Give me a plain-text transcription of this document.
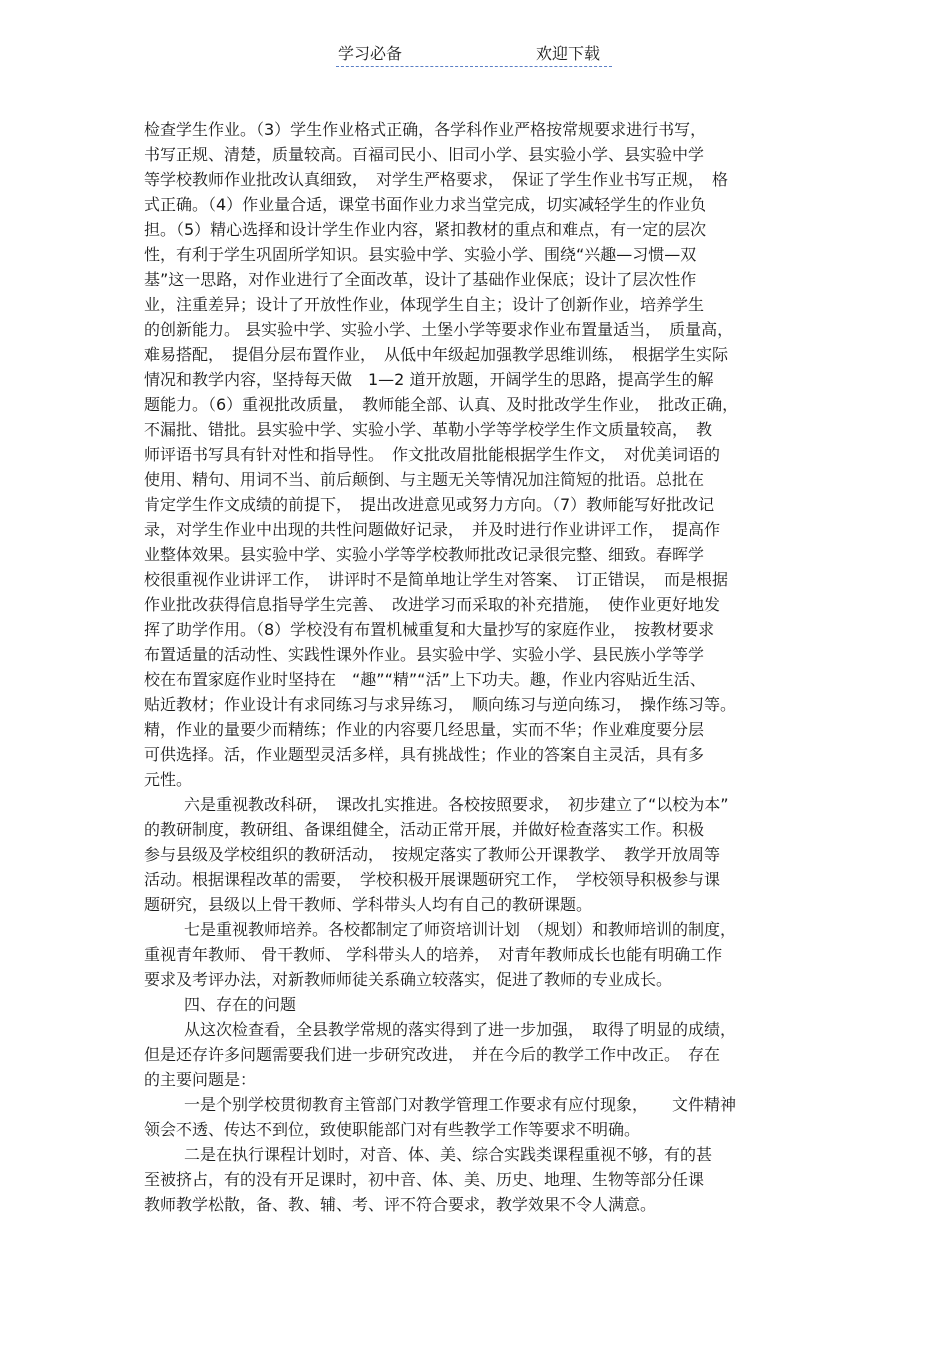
学习必备	欢迎下载
检查学生作业。（3）学生作业格式正确，各学科作业严格按常规要求进行书写，
书写正规、清楚，质量较高。百福司民小、旧司小学、县实验小学、县实验中学
等学校教师作业批改认真细致，　对学生严格要求，　保证了学生作业书写正规，　格
式正确。（4）作业量合适，课堂书面作业力求当堂完成，切实减轻学生的作业负
担。（5）精心选择和设计学生作业内容，紧扣教材的重点和难点，有一定的层次
性，有利于学生巩固所学知识。县实验中学、实验小学、围绕“兴趣—习惯—双
基”这一思路，对作业进行了全面改革，设计了基础作业保底；设计了层次性作
业，注重差异；设计了开放性作业，体现学生自主；设计了创新作业，培养学生
的创新能力。 县实验中学、实验小学、土堡小学等要求作业布置量适当，　质量高，
难易搭配，　提倡分层布置作业，　从低中年级起加强教学思维训练，　根据学生实际
情况和教学内容，坚持每天做　1—2 道开放题，开阔学生的思路，提高学生的解
题能力。（6）重视批改质量，　教师能全部、认真、及时批改学生作业，　批改正确，
不漏批、错批。县实验中学、实验小学、革勒小学等学校学生作文质量较高，　教
师评语书写具有针对性和指导性。　作文批改眉批能根据学生作文，　对优美词语的
使用、精句、用词不当、前后颠倒、与主题无关等情况加注简短的批语。总批在
肯定学生作文成绩的前提下，　提出改进意见或努力方向。（7）教师能写好批改记
录，对学生作业中出现的共性问题做好记录，　并及时进行作业讲评工作，　提高作
业整体效果。县实验中学、实验小学等学校教师批改记录很完整、细致。春晖学
校很重视作业讲评工作，　讲评时不是简单地让学生对答案、　订正错误，　而是根据
作业批改获得信息指导学生完善、　改进学习而采取的补充措施，　使作业更好地发
挥了助学作用。（8）学校没有布置机械重复和大量抄写的家庭作业，　按教材要求
布置适量的活动性、实践性课外作业。县实验中学、实验小学、县民族小学等学
校在布置家庭作业时坚持在　“趣”“精”“活”上下功夫。趣，作业内容贴近生活、
贴近教材；作业设计有求同练习与求异练习，　顺向练习与逆向练习，　操作练习等。
精，作业的量要少而精练；作业的内容要几经思量，实而不华；作业难度要分层
可供选择。活，作业题型灵活多样，具有挑战性；作业的答案自主灵活，具有多
元性。
六是重视教改科研，　课改扎实推进。各校按照要求，　初步建立了“以校为本”
的教研制度，教研组、备课组健全，活动正常开展，并做好检查落实工作。积极
参与县级及学校组织的教研活动，　按规定落实了教师公开课教学、　教学开放周等
活动。根据课程改革的需要，　学校积极开展课题研究工作，　学校领导积极参与课
题研究，县级以上骨干教师、学科带头人均有自己的教研课题。
七是重视教师培养。各校都制定了师资培训计划　（规划）和教师培训的制度，
重视青年教师、 骨干教师、 学科带头人的培养，　对青年教师成长也能有明确工作
要求及考评办法，对新教师师徒关系确立较落实，促进了教师的专业成长。
四、存在的问题
从这次检查看，全县教学常规的落实得到了进一步加强，　取得了明显的成绩，
但是还存许多问题需要我们进一步研究改进，　并在今后的教学工作中改正。　存在
的主要问题是：
一是个别学校贯彻教育主管部门对教学管理工作要求有应付现象，　　文件精神
领会不透、传达不到位，致使职能部门对有些教学工作等要求不明确。
二是在执行课程计划时，对音、体、美、综合实践类课程重视不够，有的甚
至被挤占，有的没有开足课时，初中音、体、美、历史、地理、生物等部分任课
教师教学松散，备、教、辅、考、评不符合要求，教学效果不令人满意。
